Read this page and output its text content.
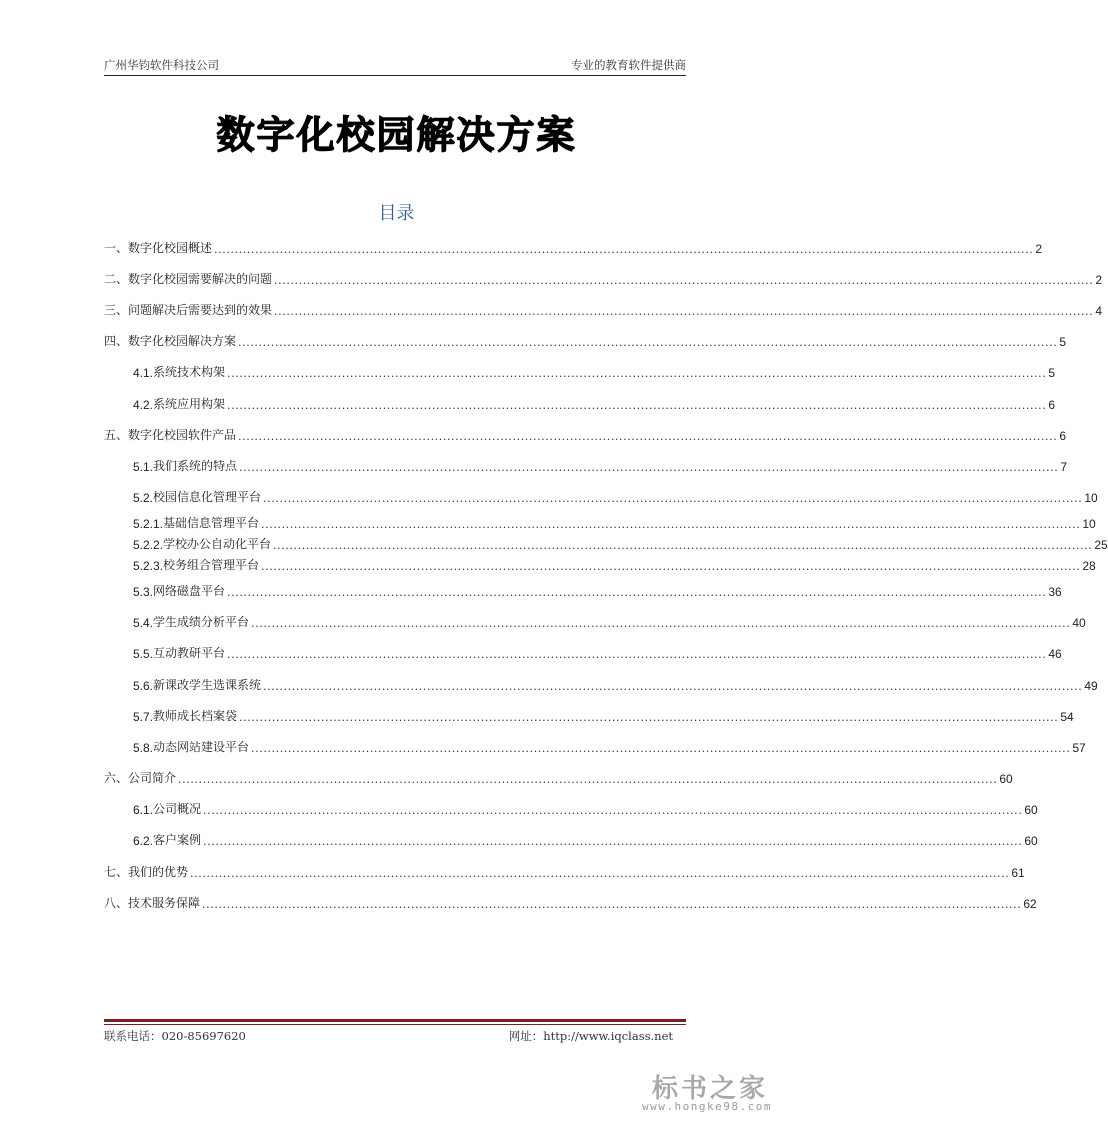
广州华钧软件科技公司	专业的教育软件提供商
数字化校园解决方案
目录
一、 数字化校园概述 ........................................................................................................................................................................................................ 2
二、 数字化校园需要解决的问题 ........................................................................................................................................................................................................ 2
三、 问题解决后需要达到的效果 ........................................................................................................................................................................................................ 4
四、 数字化校园解决方案 ........................................................................................................................................................................................................ 5
4.1. 系统技术构架 ........................................................................................................................................................................................................ 5
4.2. 系统应用构架 ........................................................................................................................................................................................................ 6
五、 数字化校园软件产品 ........................................................................................................................................................................................................ 6
5.1. 我们系统的特点 ........................................................................................................................................................................................................ 7
5.2. 校园信息化管理平台 ........................................................................................................................................................................................................ 10
5.2.1. 基础信息管理平台 ........................................................................................................................................................................................................ 10
5.2.2. 学校办公自动化平台 ........................................................................................................................................................................................................ 25
5.2.3. 校务组合管理平台 ........................................................................................................................................................................................................ 28
5.3. 网络磁盘平台 ........................................................................................................................................................................................................ 36
5.4. 学生成绩分析平台 ........................................................................................................................................................................................................ 40
5.5. 互动教研平台 ........................................................................................................................................................................................................ 46
5.6. 新课改学生选课系统 ........................................................................................................................................................................................................ 49
5.7. 教师成长档案袋 ........................................................................................................................................................................................................ 54
5.8. 动态网站建设平台 ........................................................................................................................................................................................................ 57
六、 公司简介 ........................................................................................................................................................................................................ 60
6.1. 公司概况 ........................................................................................................................................................................................................ 60
6.2. 客户案例 ........................................................................................................................................................................................................ 60
七、 我们的优势 ........................................................................................................................................................................................................ 61
八、 技术服务保障 ........................................................................................................................................................................................................ 62
联系电话：020-85697620	网址：http://www.iqclass.net
标书之家
www.hongke98.com
